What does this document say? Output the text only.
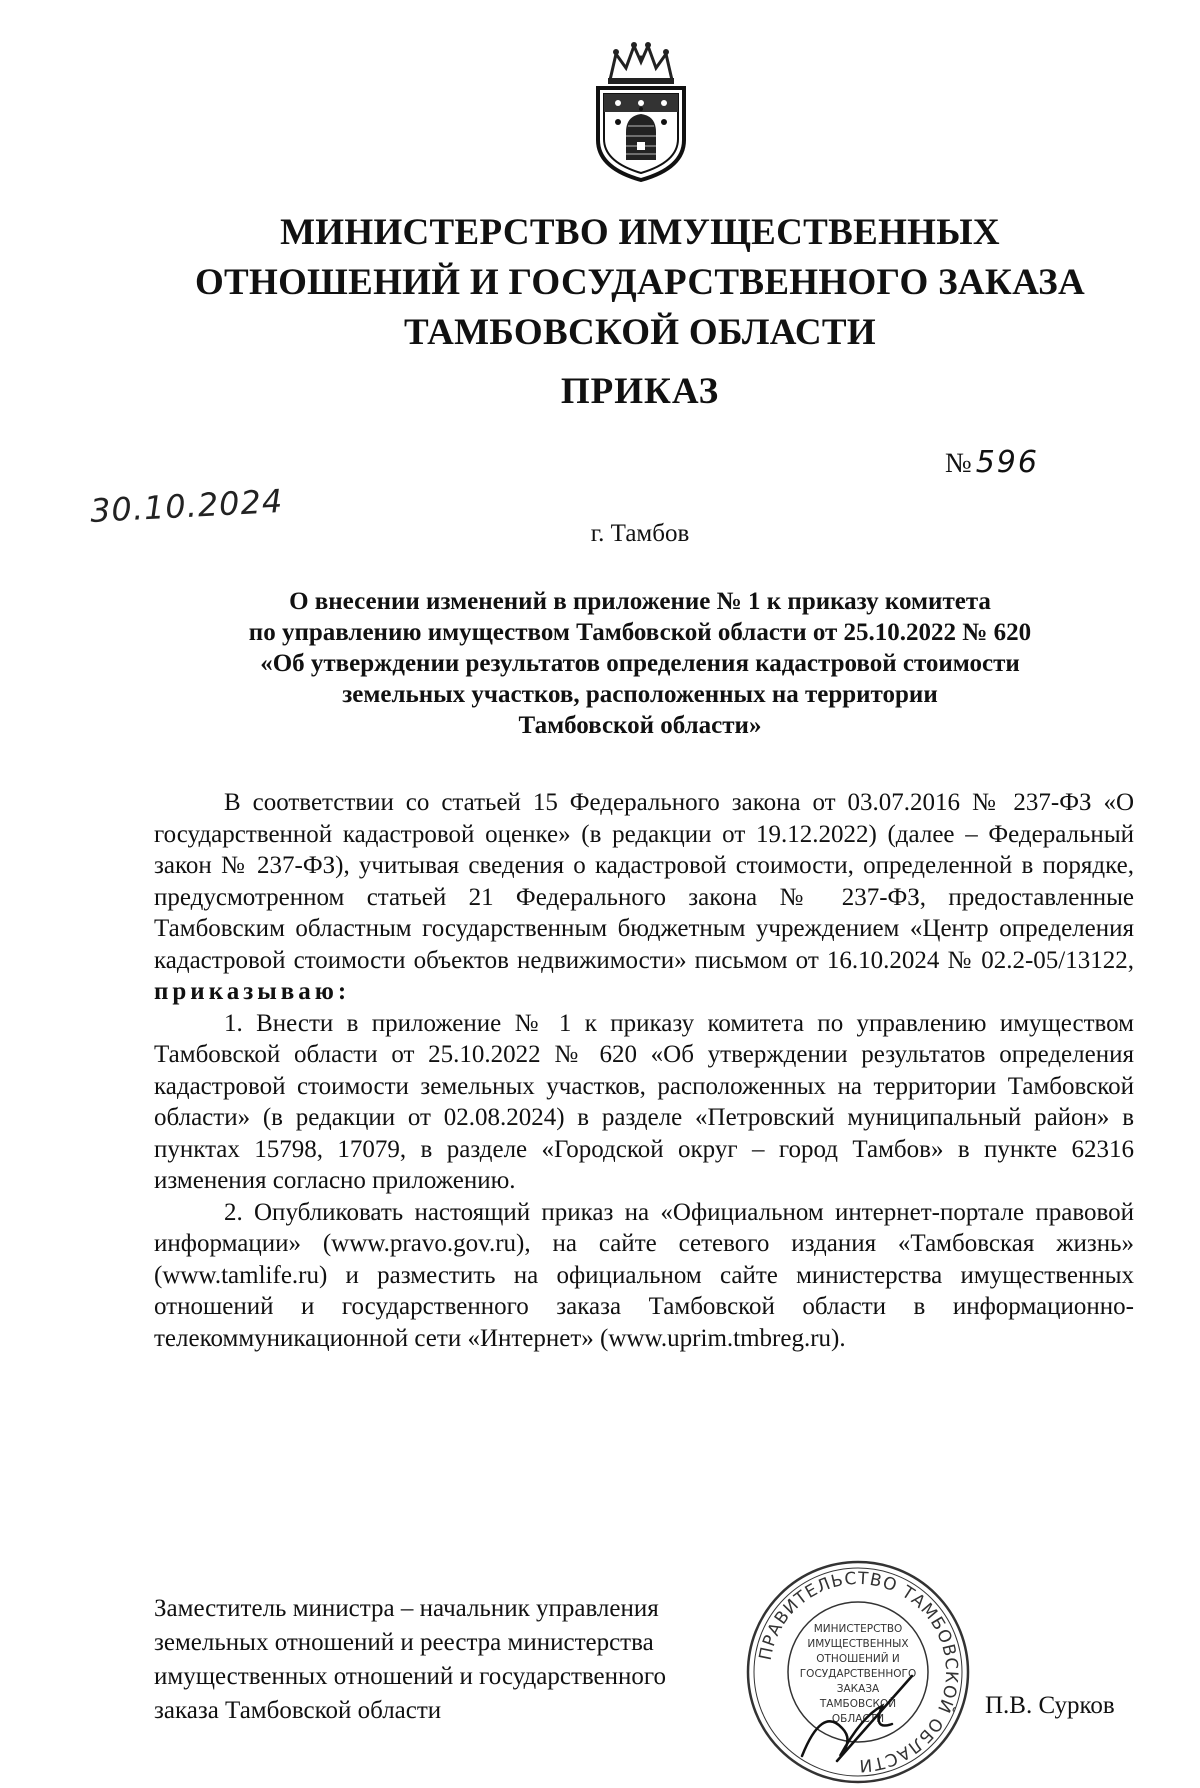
МИНИСТЕРСТВО ИМУЩЕСТВЕННЫХ
ОТНОШЕНИЙ И ГОСУДАРСТВЕННОГО ЗАКАЗА
ТАМБОВСКОЙ ОБЛАСТИ
ПРИКАЗ
№ 596
30.10.2024
г. Тамбов
О внесении изменений в приложение № 1 к приказу комитета
по управлению имуществом Тамбовской области от 25.10.2022 № 620
«Об утверждении результатов определения кадастровой стоимости
земельных участков, расположенных на территории
Тамбовской области»

В соответствии со статьей 15 Федерального закона от 03.07.2016 № 237-ФЗ «О государственной кадастровой оценке» (в редакции от 19.12.2022) (далее – Федеральный закон № 237-ФЗ), учитывая сведения о кадастровой стоимости, определенной в порядке, предусмотренном статьей 21 Федерального закона № 237-ФЗ, предоставленные Тамбовским областным государственным бюджетным учреждением «Центр определения кадастровой стоимости объектов недвижимости» письмом от 16.10.2024 № 02.2-05/13122, приказываю:

1. Внести в приложение № 1 к приказу комитета по управлению имуществом Тамбовской области от 25.10.2022 № 620 «Об утверждении результатов определения кадастровой стоимости земельных участков, расположенных на территории Тамбовской области» (в редакции от 02.08.2024) в разделе «Петровский муниципальный район» в пунктах 15798, 17079, в разделе «Городской округ – город Тамбов» в пункте 62316 изменения согласно приложению.

2. Опубликовать настоящий приказ на «Официальном интернет-портале правовой информации» (www.pravo.gov.ru), на сайте сетевого издания «Тамбовская жизнь» (www.tamlife.ru) и разместить на официальном сайте министерства имущественных отношений и государственного заказа Тамбовской области в информационно-телекоммуникационной сети «Интернет» (www.uprim.tmbreg.ru).

Заместитель министра – начальник управления
земельных отношений и реестра министерства
имущественных отношений и государственного
заказа Тамбовской области
ПРАВИТЕЛЬСТВО ТАМБОВСКОЙ ОБЛАСТИ
МИНИСТЕРСТВО
ИМУЩЕСТВЕННЫХ
ОТНОШЕНИЙ И
ГОСУДАРСТВЕННОГО
ЗАКАЗА
ТАМБОВСКОЙ
ОБЛАСТИ	П.В. Сурков
